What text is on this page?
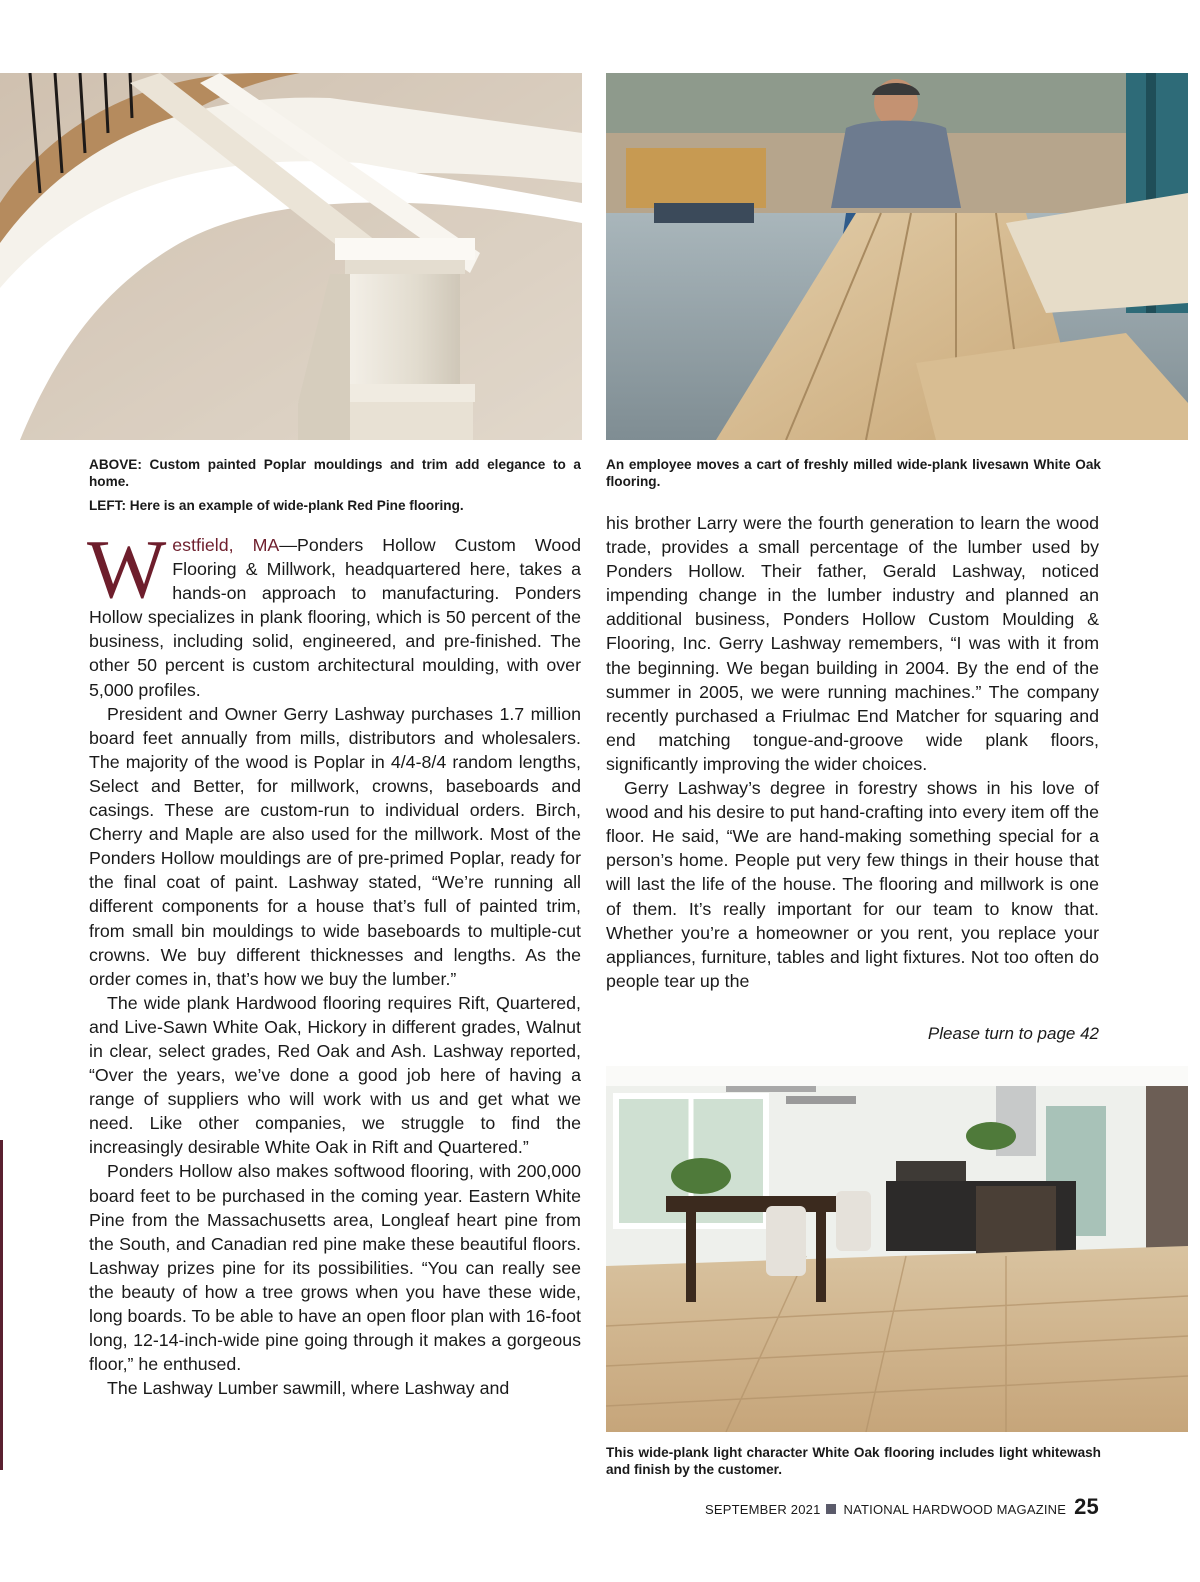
ABOVE: Custom painted Poplar mouldings and trim add elegance to a home.

LEFT: Here is an example of wide-plank Red Pine flooring.

An employee moves a cart of freshly milled wide-plank livesawn White Oak flooring.

This wide-plank light character White Oak flooring includes light whitewash and finish by the customer.

Westfield, MA—Ponders Hollow Custom Wood Flooring & Millwork, headquartered here, takes a hands-on approach to manufacturing. Ponders Hollow specializes in plank flooring, which is 50 percent of the business, including solid, engineered, and pre-finished. The other 50 percent is custom architectural moulding, with over 5,000 profiles.

President and Owner Gerry Lashway purchases 1.7 million board feet annually from mills, distributors and wholesalers. The majority of the wood is Poplar in 4/4-8/4 random lengths, Select and Better, for millwork, crowns, baseboards and casings. These are custom-run to individual orders. Birch, Cherry and Maple are also used for the millwork. Most of the Ponders Hollow mouldings are of pre-primed Poplar, ready for the final coat of paint. Lashway stated, “We’re running all different components for a house that’s full of painted trim, from small bin mouldings to wide baseboards to multiple-cut crowns. We buy different thicknesses and lengths. As the order comes in, that’s how we buy the lumber.”

The wide plank Hardwood flooring requires Rift, Quartered, and Live-Sawn White Oak, Hickory in different grades, Walnut in clear, select grades, Red Oak and Ash. Lashway reported, “Over the years, we’ve done a good job here of having a range of suppliers who will work with us and get what we need. Like other companies, we struggle to find the increasingly desirable White Oak in Rift and Quartered.”

Ponders Hollow also makes softwood flooring, with 200,000 board feet to be purchased in the coming year. Eastern White Pine from the Massachusetts area, Longleaf heart pine from the South, and Canadian red pine make these beautiful floors. Lashway prizes pine for its possibilities. “You can really see the beauty of how a tree grows when you have these wide, long boards. To be able to have an open floor plan with 16-foot long, 12-14-inch-wide pine going through it makes a gorgeous floor,” he enthused.

The Lashway Lumber sawmill, where Lashway and

his brother Larry were the fourth generation to learn the wood trade, provides a small percentage of the lumber used by Ponders Hollow. Their father, Gerald Lashway, noticed impending change in the lumber industry and planned an additional business, Ponders Hollow Custom Moulding & Flooring, Inc. Gerry Lashway remembers, “I was with it from the beginning. We began building in 2004. By the end of the summer in 2005, we were running machines.” The company recently purchased a Friulmac End Matcher for squaring and end matching tongue-and-groove wide plank floors, significantly improving the wider choices.

Gerry Lashway’s degree in forestry shows in his love of wood and his desire to put hand-crafting into every item off the floor. He said, “We are hand-making something special for a person’s home. People put very few things in their house that will last the life of the house. The flooring and millwork is one of them. It’s really important for our team to know that. Whether you’re a homeowner or you rent, you replace your appliances, furniture, tables and light fixtures. Not too often do people tear up the

Please turn to page 42
SEPTEMBER 2021 NATIONAL HARDWOOD MAGAZINE 25
